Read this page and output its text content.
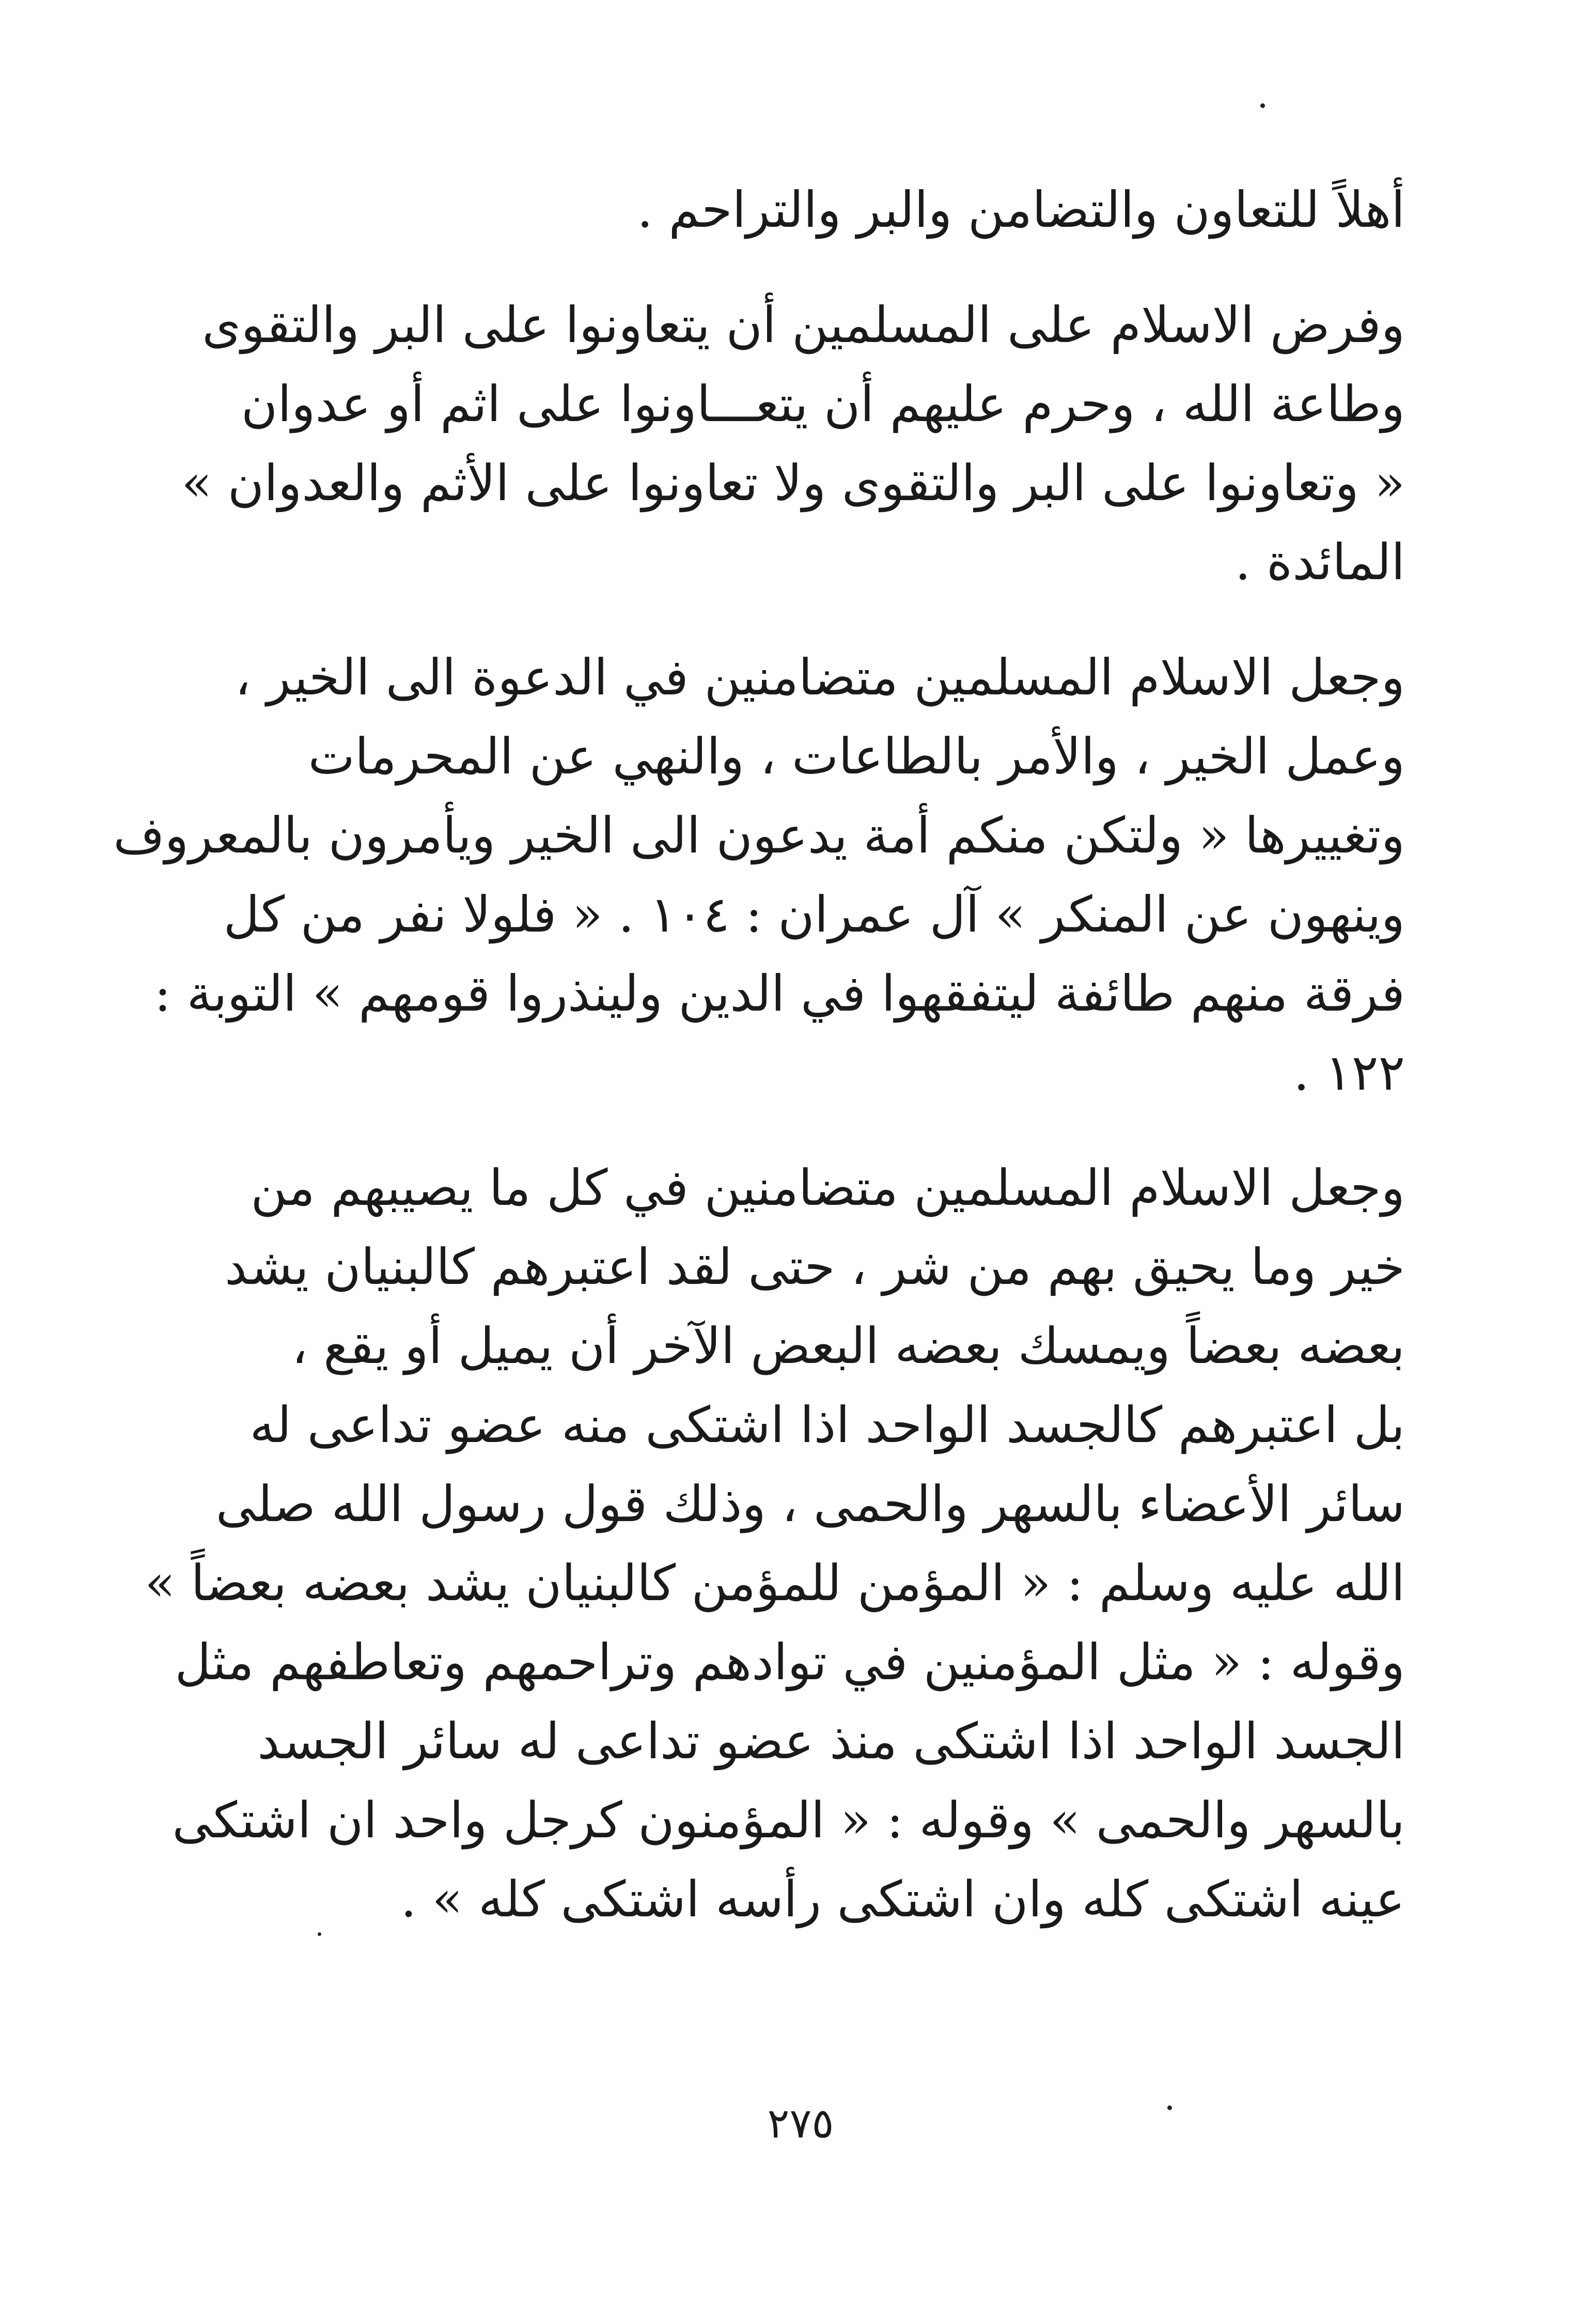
أهلاً للتعاون والتضامن والبر والتراحم .
وفرض الاسلام على المسلمين أن يتعاونوا على البر والتقوى
وطاعة الله ، وحرم عليهم أن يتعـــاونوا على اثم أو عدوان
« وتعاونوا على البر والتقوى ولا تعاونوا على الأثم والعدوان »
المائدة .
وجعل الاسلام المسلمين متضامنين في الدعوة الى الخير ،
وعمل الخير ، والأمر بالطاعات ، والنهي عن المحرمات
وتغييرها « ولتكن منكم أمة يدعون الى الخير ويأمرون بالمعروف
وينهون عن المنكر » آل عمران : ١٠٤ . « فلولا نفر من كل
فرقة منهم طائفة ليتفقهوا في الدين ولينذروا قومهم » التوبة :
١٢٢ .
وجعل الاسلام المسلمين متضامنين في كل ما يصيبهم من
خير وما يحيق بهم من شر ، حتى لقد اعتبرهم كالبنيان يشد
بعضه بعضاً ويمسك بعضه البعض الآخر أن يميل أو يقع ،
بل اعتبرهم كالجسد الواحد اذا اشتكى منه عضو تداعى له
سائر الأعضاء بالسهر والحمى ، وذلك قول رسول الله صلى
الله عليه وسلم : « المؤمن للمؤمن كالبنيان يشد بعضه بعضاً »
وقوله : « مثل المؤمنين في توادهم وتراحمهم وتعاطفهم مثل
الجسد الواحد اذا اشتكى منذ عضو تداعى له سائر الجسد
بالسهر والحمى » وقوله : « المؤمنون كرجل واحد ان اشتكى
عينه اشتكى كله وان اشتكى رأسه اشتكى كله » .
٢٧٥
